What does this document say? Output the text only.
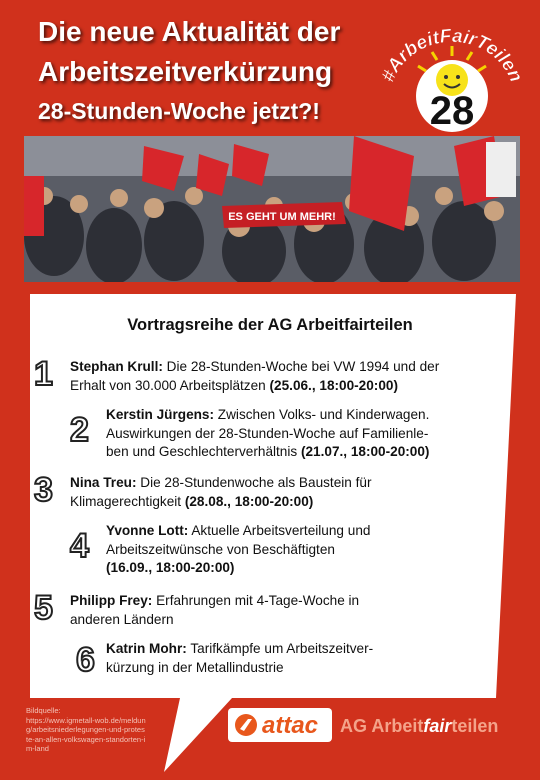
Die neue Aktualität der
Arbeitszeitverkürzung
28-Stunden-Woche jetzt?!
#ArbeitFairTeilen
28
ES GEHT UM MEHR!
Vortragsreihe der AG Arbeitfairteilen
1 Stephan Krull: Die 28-Stunden-Woche bei VW 1994 und der
Erhalt von 30.000 Arbeitsplätzen (25.06., 18:00-20:00)
2 Kerstin Jürgens: Zwischen Volks- und Kinderwagen.
Auswirkungen der 28-Stunden-Woche auf Familienle-
ben und Geschlechterverhältnis (21.07., 18:00-20:00)
3 Nina Treu: Die 28-Stundenwoche als Baustein für
Klimagerechtigkeit (28.08., 18:00-20:00)
4 Yvonne Lott: Aktuelle Arbeitsverteilung und
Arbeitszeitwünsche von Beschäftigten
(16.09., 18:00-20:00)
5 Philipp Frey: Erfahrungen mit 4-Tage-Woche in
anderen Ländern
6 Katrin Mohr: Tarifkämpfe um Arbeitszeitver-
kürzung in der Metallindustrie
Bildquelle:
https://www.igmetall-wob.de/meldung/arbeitsniederlegungen-und-proteste-an-allen-volkswagen-standorten-im-land
attac AG Arbeitfairteilen
